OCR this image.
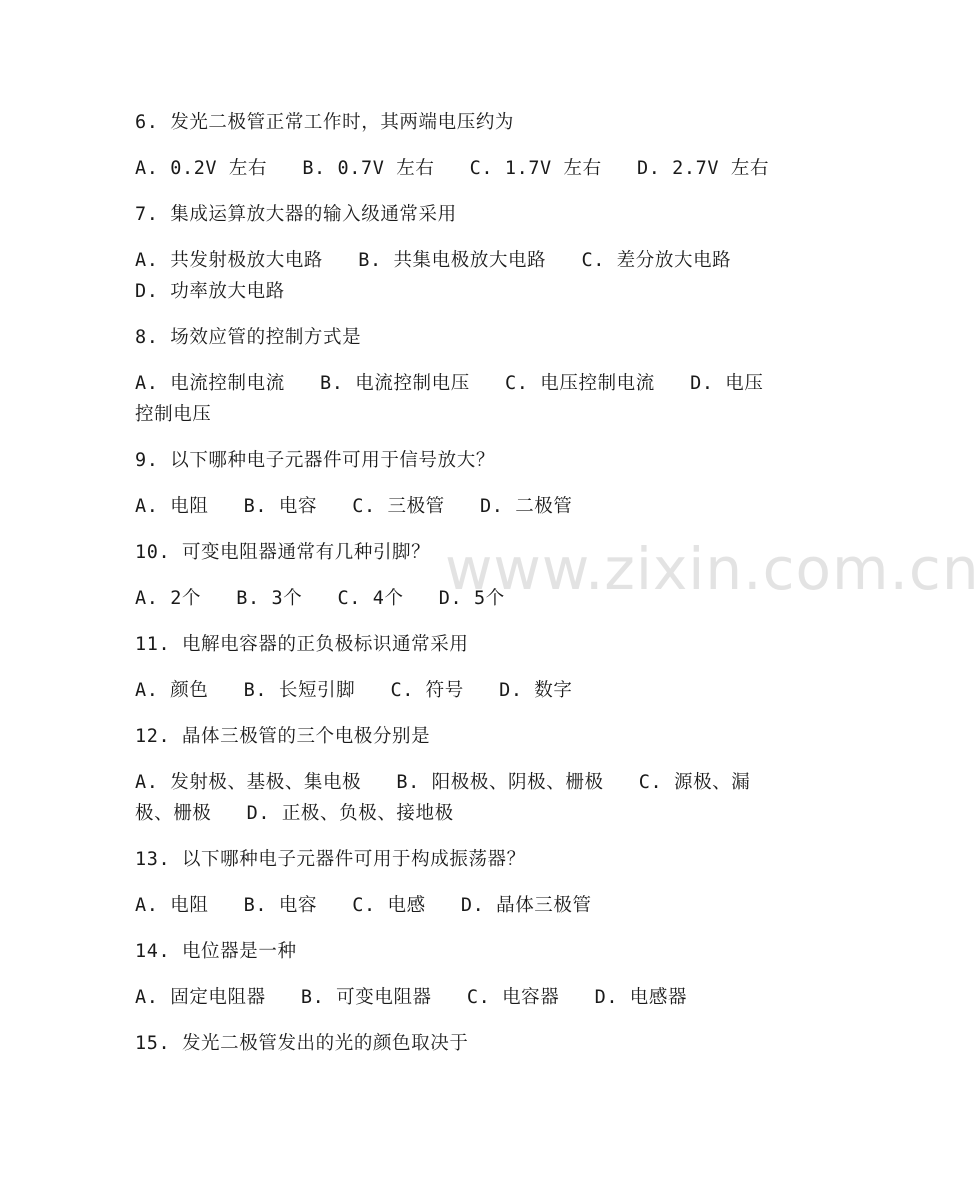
www.zixin.com.cn
6. 发光二极管正常工作时，其两端电压约为
A. 0.2V 左右   B. 0.7V 左右   C. 1.7V 左右   D. 2.7V 左右
7. 集成运算放大器的输入级通常采用
A. 共发射极放大电路   B. 共集电极放大电路   C. 差分放大电路
D. 功率放大电路
8. 场效应管的控制方式是
A. 电流控制电流   B. 电流控制电压   C. 电压控制电流   D. 电压
控制电压
9. 以下哪种电子元器件可用于信号放大？
A. 电阻   B. 电容   C. 三极管   D. 二极管
10. 可变电阻器通常有几种引脚？
A. 2个   B. 3个   C. 4个   D. 5个
11. 电解电容器的正负极标识通常采用
A. 颜色   B. 长短引脚   C. 符号   D. 数字
12. 晶体三极管的三个电极分别是
A. 发射极、基极、集电极   B. 阳极极、阴极、栅极   C. 源极、漏
极、栅极   D. 正极、负极、接地极
13. 以下哪种电子元器件可用于构成振荡器？
A. 电阻   B. 电容   C. 电感   D. 晶体三极管
14. 电位器是一种
A. 固定电阻器   B. 可变电阻器   C. 电容器   D. 电感器
15. 发光二极管发出的光的颜色取决于
